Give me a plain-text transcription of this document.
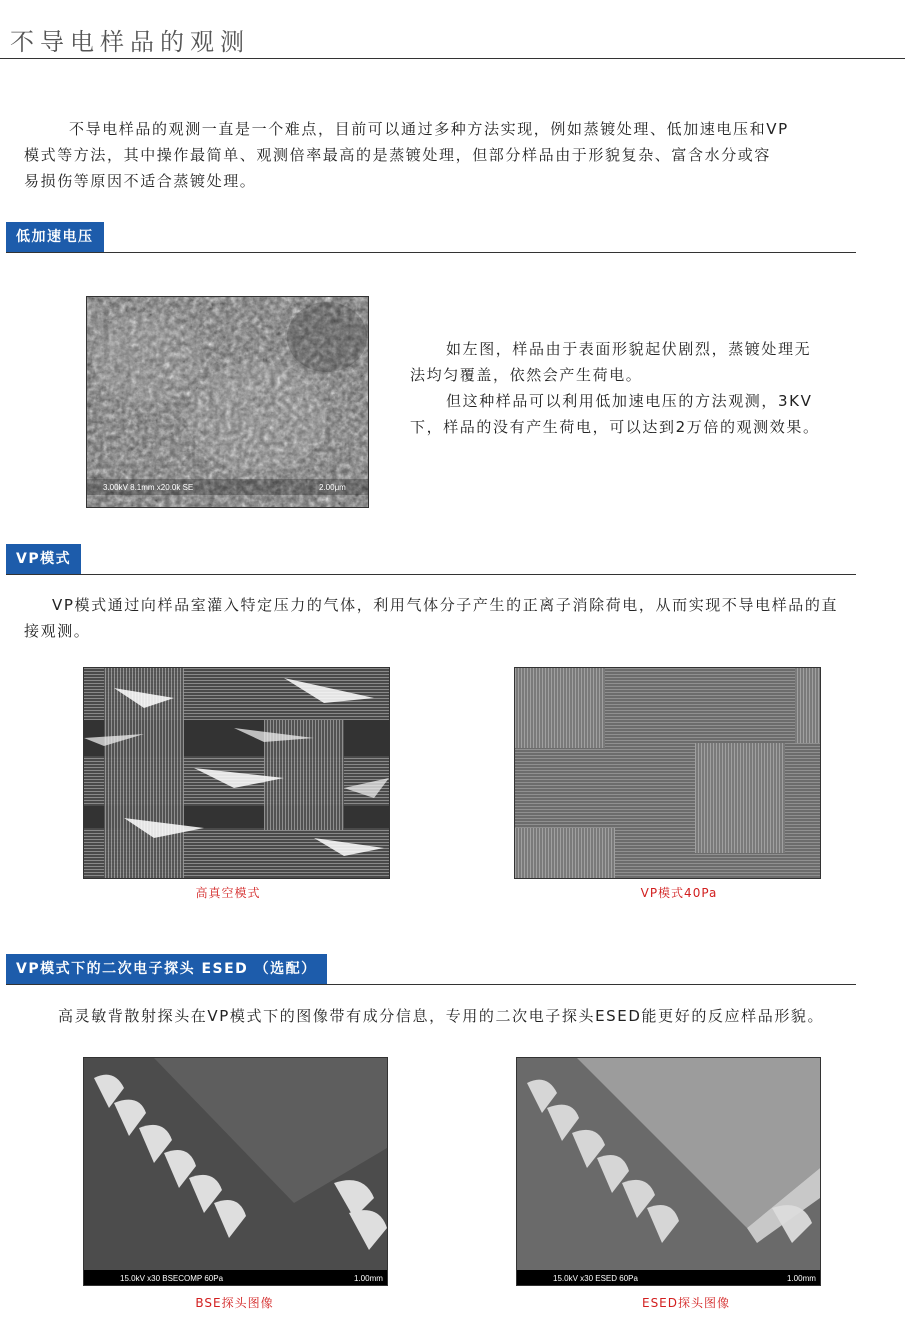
不导电样品的观测

不导电样品的观测一直是一个难点，目前可以通过多种方法实现，例如蒸镀处理、低加速电压和VP

模式等方法，其中操作最简单、观测倍率最高的是蒸镀处理，但部分样品由于形貌复杂、富含水分或容

易损伤等原因不适合蒸镀处理。

低加速电压
3.00kV 8.1mm x20.0k SE	2.00μm

如左图，样品由于表面形貌起伏剧烈，蒸镀处理无

法均匀覆盖，依然会产生荷电。

但这种样品可以利用低加速电压的方法观测，3KV

下，样品的没有产生荷电，可以达到2万倍的观测效果。

VP模式

VP模式通过向样品室灌入特定压力的气体，利用气体分子产生的正离子消除荷电，从而实现不导电样品的直

接观测。

高真空模式	VP模式40Pa
VP模式下的二次电子探头 ESED （选配）

高灵敏背散射探头在VP模式下的图像带有成分信息，专用的二次电子探头ESED能更好的反应样品形貌。

15.0kV x30 BSECOMP 60Pa	1.00mm
BSE探头图像
15.0kV x30 ESED 60Pa	1.00mm
ESED探头图像
